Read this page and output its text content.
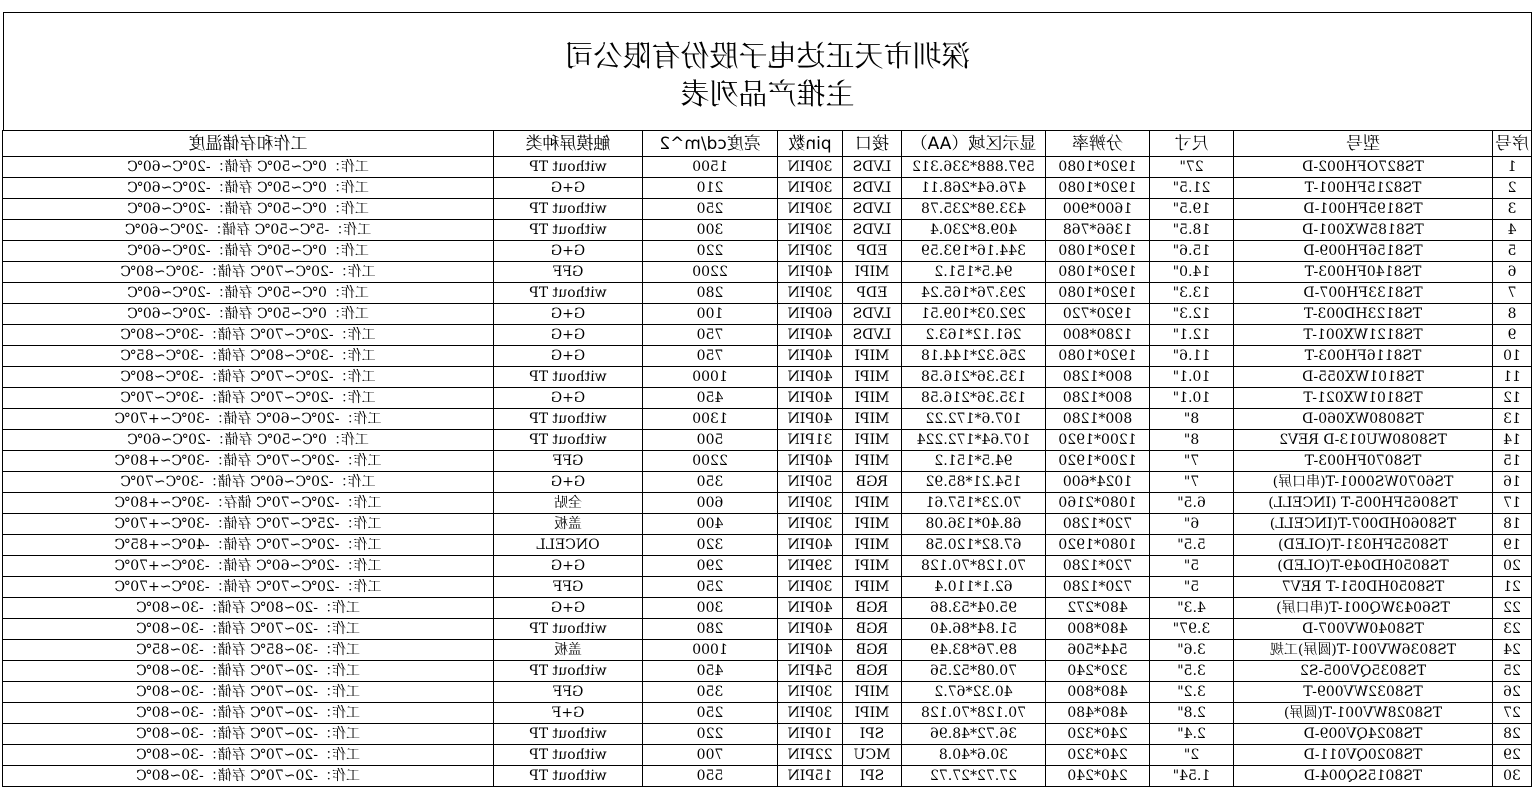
深圳市天正达电子股份有限公司
主推产品列表
序号	型号	尺寸	分辨率	显示区域（AA）	接口	pin数	亮度cd/m^2	触摸屏种类	工作和存储温度
1	TS827OFH002-D	27"	1920*1080	597.888*336.312	LVDS	30PIN	1500	without TP	工作：0℃~50℃ 存储：-20℃~60℃
2	TS8215FH001-T	21.5"	1920*1080	476.64*268.11	LVDS	30PIN	210	G+G	工作：0℃~50℃ 存储：-20℃~60℃
3	TS8195FH001-D	19.5"	1600*900	433.98*235.78	LVDS	30PIN	250	without TP	工作：0℃~50℃ 存储：-20℃~60℃
4	TS8185WX001-D	18.5"	1366*768	409.8*230.4	LVDS	30PIN	300	without TP	工作：-5℃~50℃ 存储：-20℃~60℃
5	TS8156FH009-D	15.6"	1920*1080	344.16*193.59	EDP	30PIN	220	G+G	工作：0℃~50℃ 存储：-20℃~60℃
6	TS8140FH003-T	14.0"	1920*1080	94.5*151.2	MIPI	40PIN	2200	GFF	工作：-20℃~70℃ 存储：-30℃~80℃
7	TS8133FH007-D	13.3"	1920*1080	293.76*165.24	EDP	30PIN	280	without TP	工作：0℃~50℃ 存储：-20℃~60℃
8	TS8123HD003-T	12.3"	1920*720	292.03*109.51	LVDS	60PIN	100	G+G	工作：0℃~50℃ 存储：-20℃~60℃
9	TS8121WX001-T	12.1"	1280*800	261.12*163.2	LVDS	40PIN	750	G+G	工作：-20℃~70℃ 存储：-30℃~80℃
10	TS8116FH003-T	11.6"	1920*1080	256.32*144.18	MIPI	40PIN	750	G+G	工作：-30℃~80℃ 存储：-30℃~85℃
11	TS8101WX055-D	10.1"	800*1280	135.36*216.58	MIPI	40PIN	1000	without TP	工作：-20℃~70℃ 存储：-30℃~80℃
12	TS8101WX021-T	10.1"	800*1280	135.36*216.58	MIPI	40PIN	450	G+G	工作：-20℃~70℃ 存储：-30℃~70℃
13	TS8080WX060-D	8"	800*1280	107.6*172.22	MIPI	40PIN	1300	without TP	工作：-20℃~60℃ 存储：-30℃~+70℃
14	TS8080WU013-D REV2	8"	1200*1920	107.64*172.224	MIPI	31PIN	500	without TP	工作：0℃~50℃ 存储：-20℃~60℃
15	TS8070FH003-T	7"	1200*1920	94.5*151.2	MIPI	40PIN	2200	GFF	工作：-20℃~70℃ 存储：-30℃~+80℃
16	TS6070WS0001-T(串口屏)	7"	1024*600	154.21*85.92	RGB	50PIN	350	G+G	工作：-20℃~60℃ 存储：-30℃~70℃
17	TS8065FH005-T (INCELL)	6.5"	1080*2160	70.23*157.61	MIPI	30PIN	600	全贴	工作：-20℃~70℃ 储存：-30℃~+80℃
18	TS8060HD007-T(INCELL)	6"	720*1280	68.40*136.08	MIPI	30PIN	400	盖板	工作：-25℃~70℃ 存储：-30℃~+70℃
19	TS8055FH031-T(OLED)	5.5"	1080*1920	67.82*120.58	MIPI	40PIN	320	ONCELL	工作：-20℃~70℃ 存储：-40℃~+85℃
20	TS8050HD049-T(OLED)	5"	720*1280	70.128*70.128	MIPI	39PIN	290	G+G	工作：-20℃~60℃ 存储：-30℃~+70℃
21	TS8050HD051-T REV7	5"	720*1280	62.1*110.4	MIPI	30PIN	250	GFF	工作：-20℃~70℃ 存储：-30℃~+70℃
22	TS6043WQ001-T(串口屏)	4.3"	480*272	95.04*53.86	RGB	40PIN	300	G+G	工作：-20~80℃ 存储：-30~80℃
23	TS8040WV007-D	3.97"	480*800	51.84*86.40	RGB	40PIN	280	without TP	工作：-20~70℃ 存储：-30~80℃
24	TS8036WV001-T(圆屏)工规	3.6"	544*506	89.76*83.49	RGB	40PIN	1000	盖板	工作：-30~85℃ 存储：-30~85℃
25	TS8035QV005-S2	3.5"	320*240	70.08*52.56	RGB	54PIN	450	without TP	工作：-20~70℃ 存储：-30~80℃
26	TS8032WV009-T	3.2"	480*800	40.32*67.2	MIPI	30PIN	350	GFF	工作：-20~70℃ 存储：-30~80℃
27	TS8028WV001-T(圆屏)	2.8"	480*480	70.128*70.128	MIPI	30PIN	250	G+F	工作：-20~70℃ 存储：-30~80℃
28	TS8024QV009-D	2.4"	240*320	36.72*48.96	SPI	10PIN	220	without TP	工作：-20~70℃ 存储：-30~80℃
29	TS8020QV011-D	2"	240*320	30.6*40.8	MCU	22PIN	700	without TP	工作：-20~70℃ 存储：-30~80℃
30	TS8015SQ004-D	1.54"	240*240	27.72*27.72	SPI	15PIN	550	without TP	工作：-20~70℃ 存储：-30~80℃
